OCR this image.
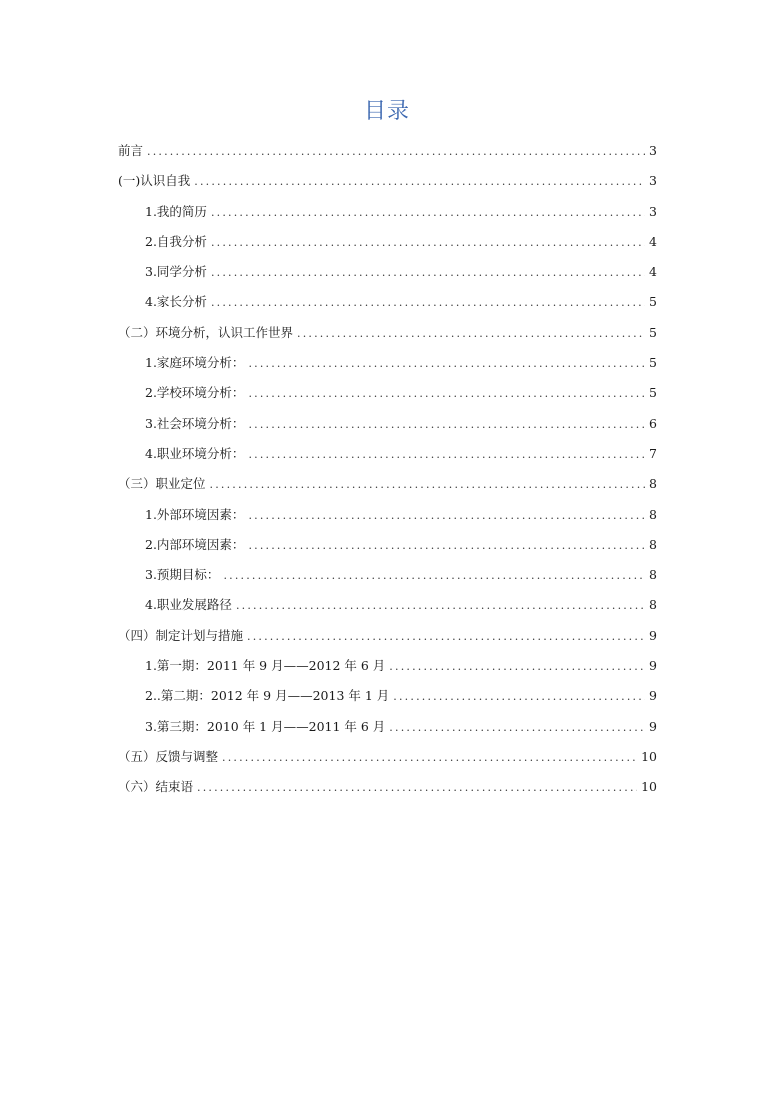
目录
前言 .....	3
(一)认识自我 .....	3
1.我的简历 .....	3
2.自我分析 .....	4
3.同学分析 .....	4
4.家长分析 .....	5
（二）环境分析，认识工作世界 .....	5
1.家庭环境分析： .....	5
2.学校环境分析： .....	5
3.社会环境分析： .....	6
4.职业环境分析： .....	7
（三）职业定位 .....	8
1.外部环境因素： .....	8
2.内部环境因素： .....	8
3.预期目标： .....	8
4.职业发展路径 .....	8
（四）制定计划与措施 .....	9
1.第一期：2011 年 9 月——2012 年 6 月 .....	9
2..第二期：2012 年 9 月——2013 年 1 月 .....	9
3.第三期：2010 年 1 月——2011 年 6 月 .....	9
（五）反馈与调整 .....	10
（六）结束语 .....	10
